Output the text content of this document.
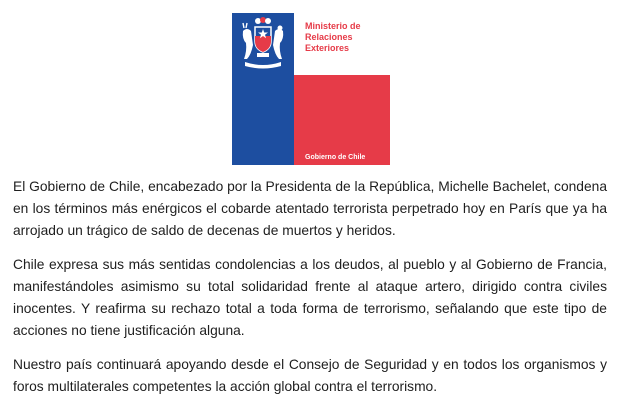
Ministerio de
Relaciones
Exteriores
Gobierno de Chile

El Gobierno de Chile, encabezado por la Presidenta de la República, Michelle Bachelet, condena en los términos más enérgicos el cobarde atentado terrorista perpetrado hoy en París que ya ha arrojado un trágico de saldo de decenas de muertos y heridos.

Chile expresa sus más sentidas condolencias a los deudos, al pueblo y al Gobierno de Francia, manifestándoles asimismo su total solidaridad frente al ataque artero, dirigido contra civiles inocentes. Y reafirma su rechazo total a toda forma de terrorismo, señalando que este tipo de acciones no tiene justificación alguna.

Nuestro país continuará apoyando desde el Consejo de Seguridad y en todos los organismos y foros multilaterales competentes la acción global contra el terrorismo.
